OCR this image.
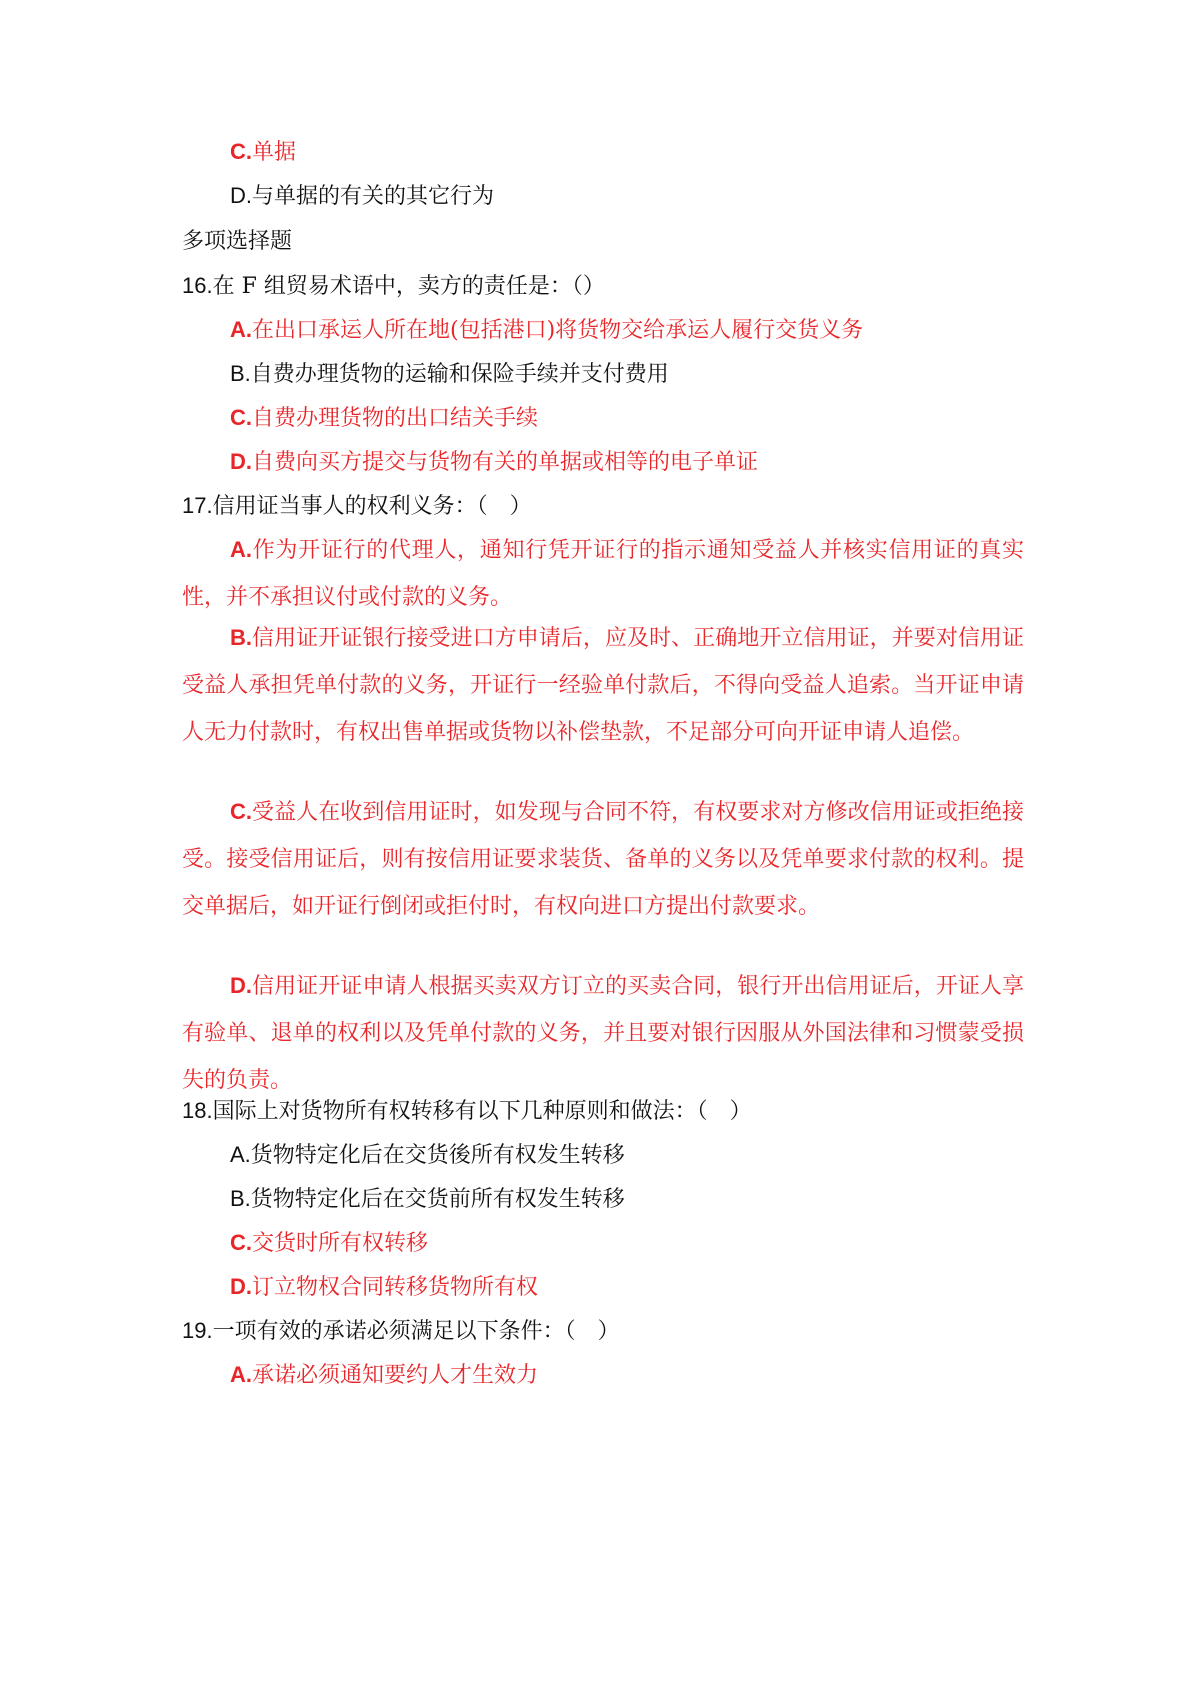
C.单据
D.与单据的有关的其它行为
多项选择题
16.在 F 组贸易术语中，卖方的责任是：（）
A.在出口承运人所在地(包括港口)将货物交给承运人履行交货义务
B.自费办理货物的运输和保险手续并支付费用
C.自费办理货物的出口结关手续
D.自费向买方提交与货物有关的单据或相等的电子单证
17.信用证当事人的权利义务：（　）
A.作为开证行的代理人，通知行凭开证行的指示通知受益人并核实信用证的真实性，并不承担议付或付款的义务。
B.信用证开证银行接受进口方申请后，应及时、正确地开立信用证，并要对信用证受益人承担凭单付款的义务，开证行一经验单付款后，不得向受益人追索。当开证申请人无力付款时，有权出售单据或货物以补偿垫款，不足部分可向开证申请人追偿。
C.受益人在收到信用证时，如发现与合同不符，有权要求对方修改信用证或拒绝接受。接受信用证后，则有按信用证要求装货、备单的义务以及凭单要求付款的权利。提交单据后，如开证行倒闭或拒付时，有权向进口方提出付款要求。
D.信用证开证申请人根据买卖双方订立的买卖合同，银行开出信用证后，开证人享有验单、退单的权利以及凭单付款的义务，并且要对银行因服从外国法律和习惯蒙受损失的负责。
18.国际上对货物所有权转移有以下几种原则和做法：（　）
A.货物特定化后在交货後所有权发生转移
B.货物特定化后在交货前所有权发生转移
C.交货时所有权转移
D.订立物权合同转移货物所有权
19.一项有效的承诺必须满足以下条件：（　）
A.承诺必须通知要约人才生效力
